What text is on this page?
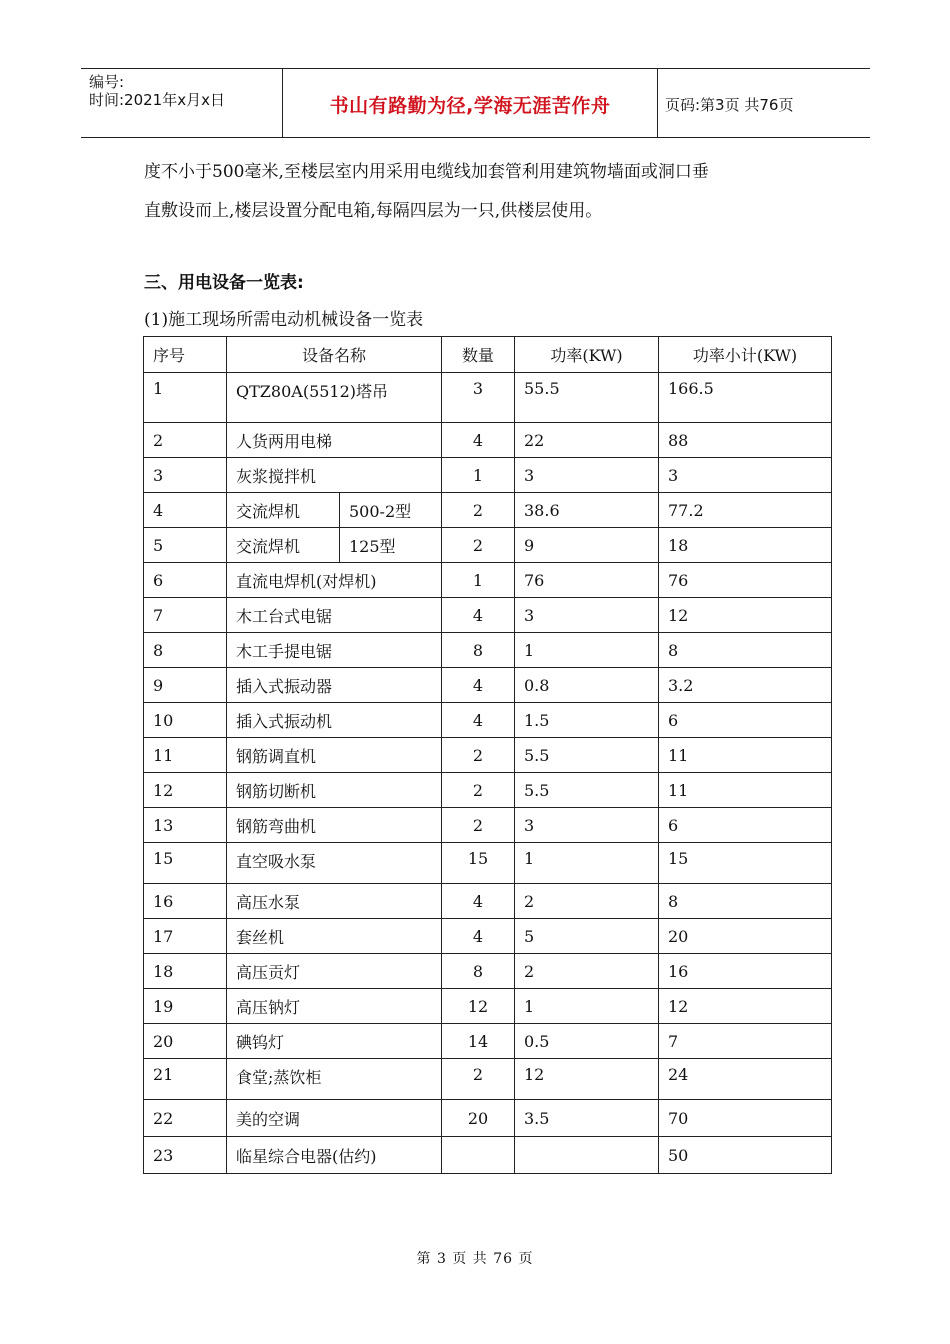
编号:
时间:2021年x月x日	书山有路勤为径,学海无涯苦作舟	页码:第3页 共76页
度不小于500毫米,至楼层室内用采用电缆线加套管利用建筑物墙面或洞口垂
直敷设而上,楼层设置分配电箱,每隔四层为一只,供楼层使用。
三、用电设备一览表:
(1)施工现场所需电动机械设备一览表
序号	设备名称		数量	功率(KW)	功率小计(KW)
1	QTZ80A(5512)塔吊		3	55.5	166.5
2	人货两用电梯		4	22	88
3	灰浆搅拌机		1	3	3
4	交流焊机	500-2型	2	38.6	77.2
5	交流焊机	125型	2	9	18
6	直流电焊机(对焊机)		1	76	76
7	木工台式电锯		4	3	12
8	木工手提电锯		8	1	8
9	插入式振动器		4	0.8	3.2
10	插入式振动机		4	1.5	6
11	钢筋调直机		2	5.5	11
12	钢筋切断机		2	5.5	11
13	钢筋弯曲机		2	3	6
15	直空吸水泵		15	1	15
16	高压水泵		4	2	8
17	套丝机		4	5	20
18	高压贡灯		8	2	16
19	高压钠灯		12	1	12
20	碘钨灯		14	0.5	7
21	食堂;蒸饮柜		2	12	24
22	美的空调		20	3.5	70
23	临星综合电器(估约)				50
第 3 页 共 76 页
